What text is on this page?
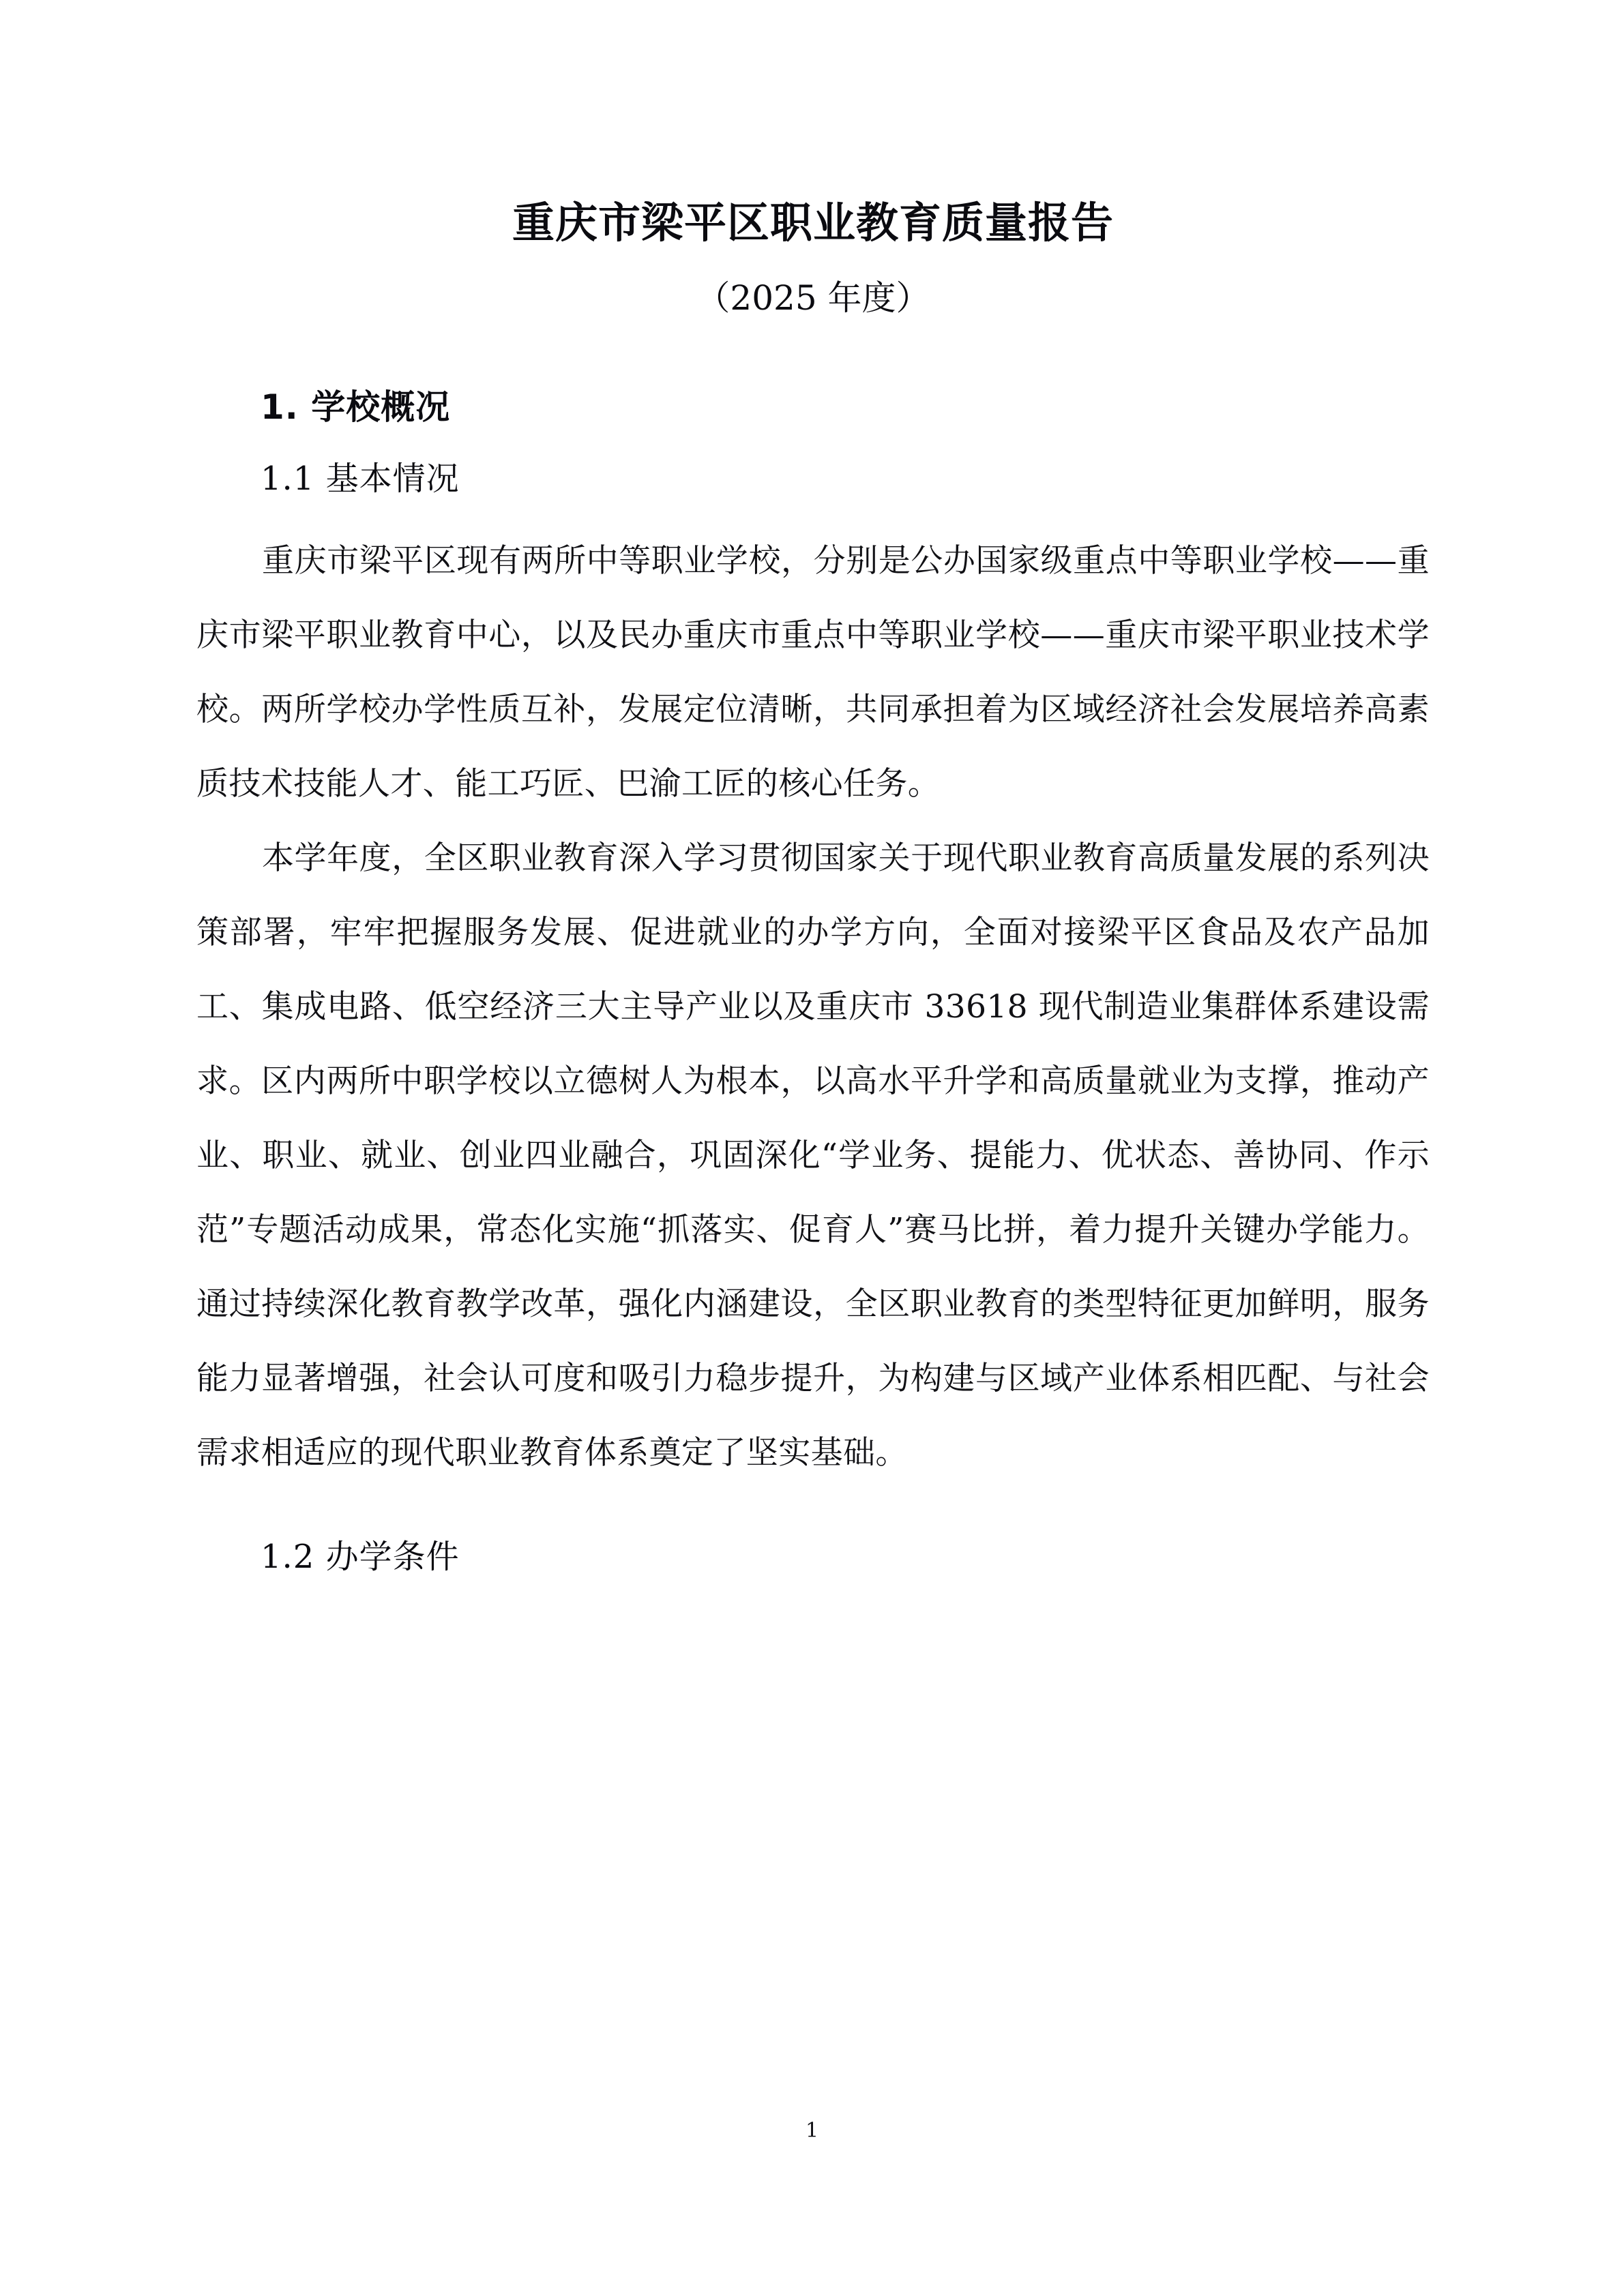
重庆市梁平区职业教育质量报告
（2025 年度）
1. 学校概况
1.1 基本情况

重庆市梁平区现有两所中等职业学校，分别是公办国家级重点中等职业学校——重庆市梁平职业教育中心，以及民办重庆市重点中等职业学校——重庆市梁平职业技术学校。两所学校办学性质互补，发展定位清晰，共同承担着为区域经济社会发展培养高素质技术技能人才、能工巧匠、巴渝工匠的核心任务。

本学年度，全区职业教育深入学习贯彻国家关于现代职业教育高质量发展的系列决策部署，牢牢把握服务发展、促进就业的办学方向，全面对接梁平区食品及农产品加工、集成电路、低空经济三大主导产业以及重庆市 33618 现代制造业集群体系建设需求。区内两所中职学校以立德树人为根本，以高水平升学和高质量就业为支撑，推动产业、职业、就业、创业四业融合，巩固深化“学业务、提能力、优状态、善协同、作示范”专题活动成果，常态化实施“抓落实、促育人”赛马比拼，着力提升关键办学能力。通过持续深化教育教学改革，强化内涵建设，全区职业教育的类型特征更加鲜明，服务能力显著增强，社会认可度和吸引力稳步提升，为构建与区域产业体系相匹配、与社会需求相适应的现代职业教育体系奠定了坚实基础。

1.2 办学条件
1
